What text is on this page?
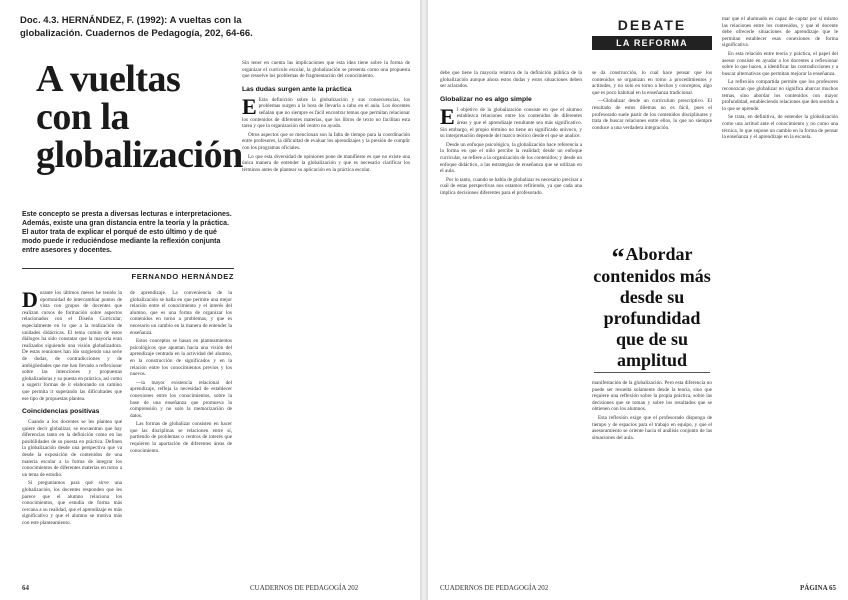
Doc. 4.3. HERNÁNDEZ, F. (1992): A vueltas con la globalización. Cuadernos de Pedagogía, 202, 64-66.
A vueltas con la
globalización
Este concepto se presta a diversas lecturas e interpretaciones. Además, existe una gran distancia entre la teoría y la práctica. El autor trata de explicar el porqué de esto último y de qué modo puede ir reduciéndose mediante la reflexión conjunta entre asesores y docentes.
FERNANDO HERNÁNDEZ

Durante los últimos meses he tenido la oportunidad de intercambiar puntos de vista con grupos de docentes que realizan cursos de formación sobre aspectos relacionados con el Diseño Curricular, especialmente en lo que a la realización de unidades didácticas. El tema común de estos diálogos ha sido constatar que la mayoría eran realizados siguiendo una visión globalizadora. De estas reuniones han ido surgiendo una serie de dudas, de contradicciones y de ambigüedades que me han llevado a reflexionar sobre las intenciones y propuestas globalizadoras y su puesta en práctica, así como a sugerir formas de ir elaborando un camino que permita ir superando las dificultades que ese tipo de propuestas plantea.

Coincidencias positivas

Cuando a los docentes se les plantea qué quiere decir globalizar, se encuentran que hay diferencias tanto en la definición como en las posibilidades de su puesta en práctica. Definen la globalización desde una perspectiva que va desde la exposición de contenidos de una materia escolar a la forma de integrar los conocimientos de diferentes materias en torno a un tema de estudio.

Si preguntamos para qué sirve una globalización, los docentes responden que les parece que el alumno relaciona los conocimientos, que estudia de forma más cercana a su realidad, que el aprendizaje es más significativo y que el alumno se motiva más con este planteamiento.

de aprendizaje. La conveniencia de la globalización se halla en que permite una mejor relación entre el conocimiento y el interés del alumno, que es una forma de organizar los contenidos en torno a problemas, y que es necesario un cambio en la manera de entender la enseñanza.

Estos conceptos se basan en planteamientos psicológicos que apuntan hacia una visión del aprendizaje centrada en la actividad del alumno, en la construcción de significados y en la relación entre los conocimientos previos y los nuevos.

—la mayor existencia relacional del aprendizaje, refleja la necesidad de establecer conexiones entre los conocimientos, sobre la base de una enseñanza que promueva la comprensión y no solo la memorización de datos.

Las formas de globalizar consisten en hacer que las disciplinas se relacionen entre sí, partiendo de problemas o centros de interés que requieren la aportación de diferentes áreas de conocimiento.

Sin tener en cuenta las implicaciones que esta idea tiene sobre la forma de organizar el currículo escolar, la globalización se presenta como una propuesta que resuelve los problemas de fragmentación del conocimiento.

Las dudas surgen ante la práctica

E Esta definición sobre la globalización y sus consecuencias, los problemas surgen a la hora de llevarla a cabo en el aula. Los docentes señalan que no siempre es fácil encontrar temas que permitan relacionar los contenidos de diferentes materias, que los libros de texto no facilitan esta tarea y que la organización del centro no ayuda.

Otros aspectos que se mencionan son la falta de tiempo para la coordinación entre profesores, la dificultad de evaluar los aprendizajes y la presión de cumplir con los programas oficiales.

Lo que esta diversidad de opiniones pone de manifiesto es que no existe una única manera de entender la globalización y que es necesario clarificar los términos antes de plantear su aplicación en la práctica escolar.

64	CUADERNOS DE PEDAGOGÍA 202
DEBATE
LA REFORMA

debe que tiene la mayoría relativa de la definición pública de la globalización aunque ahora estos dudas y estos situaciones deben ser aclarados.

Globalizar no es algo simple

El objetivo de la globalización consiste en que el alumno establezca relaciones entre los contenidos de diferentes áreas y que el aprendizaje resultante sea más significativo. Sin embargo, el propio término no tiene un significado unívoco, y su interpretación depende del marco teórico desde el que se analice.

Desde un enfoque psicológico, la globalización hace referencia a la forma en que el niño percibe la realidad; desde un enfoque curricular, se refiere a la organización de los contenidos; y desde un enfoque didáctico, a las estrategias de enseñanza que se utilizan en el aula.

Por lo tanto, cuando se habla de globalizar es necesario precisar a cuál de estas perspectivas nos estamos refiriendo, ya que cada una implica decisiones diferentes para el profesorado.

se da construcción, lo cual hace pensar que los contenidos se organizan en torno a procedimientos y actitudes, y no solo en torno a hechos y conceptos, algo que es poco habitual en la enseñanza tradicional.

—Globalizar desde un currículum prescriptivo. El resultado de estos dilemas no es fácil, pues el profesorado suele partir de los contenidos disciplinares y trata de buscar relaciones entre ellos, lo que no siempre conduce a una verdadera integración.

“Abordar contenidos más desde su profundidad que de su amplitud

manifestación de la globalización. Pero esta diferencia no puede ser resuelta solamente desde la teoría, sino que requiere una reflexión sobre la propia práctica, sobre las decisiones que se toman y sobre los resultados que se obtienen con los alumnos.

Esta reflexión exige que el profesorado disponga de tiempo y de espacios para el trabajo en equipo, y que el asesoramiento se oriente hacia el análisis conjunto de las situaciones del aula.

mar que el alumnado es capaz de captar por sí mismo las relaciones entre los contenidos, y que el docente debe ofrecerle situaciones de aprendizaje que le permitan establecer esas conexiones de forma significativa.

En esta relación entre teoría y práctica, el papel del asesor consiste en ayudar a los docentes a reflexionar sobre lo que hacen, a identificar las contradicciones y a buscar alternativas que permitan mejorar la enseñanza.

La reflexión compartida permite que los profesores reconozcan que globalizar no significa abarcar muchos temas, sino abordar los contenidos con mayor profundidad, estableciendo relaciones que den sentido a lo que se aprende.

Se trata, en definitiva, de entender la globalización como una actitud ante el conocimiento y no como una técnica, lo que supone un cambio en la forma de pensar la enseñanza y el aprendizaje en la escuela.

CUADERNOS DE PEDAGOGÍA 202	PÁGINA 65
